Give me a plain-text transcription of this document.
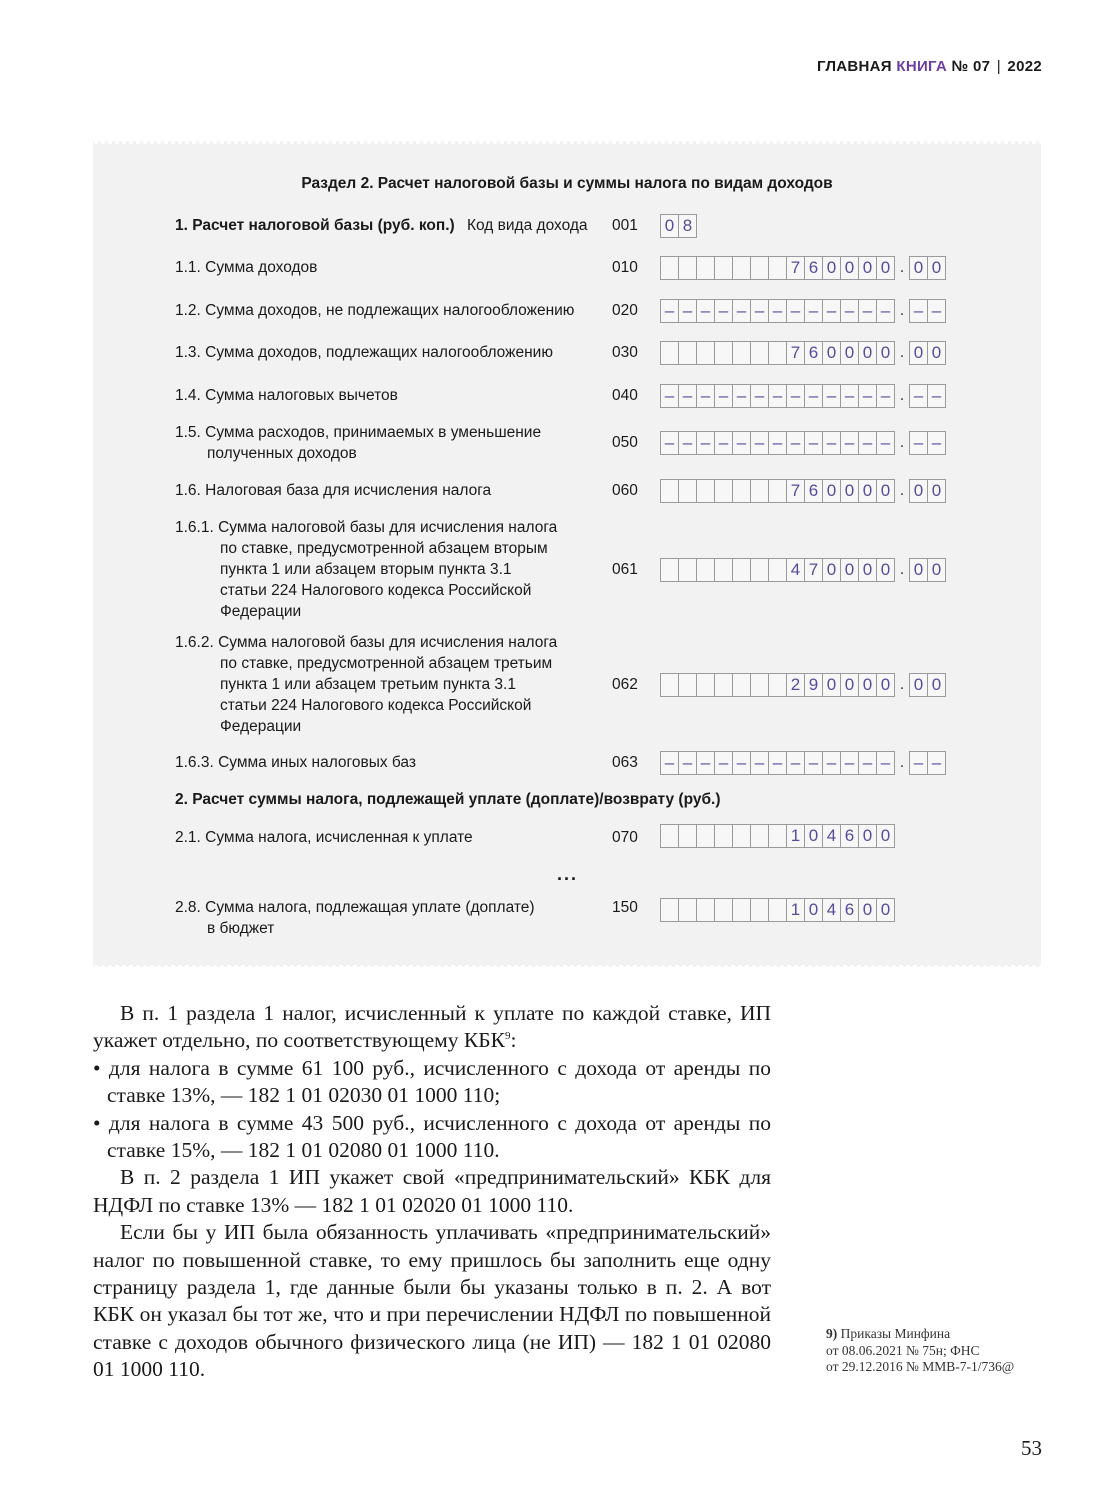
ГЛАВНАЯ КНИГА № 07 | 2022
Раздел 2. Расчет налоговой базы и суммы налога по видам доходов
1. Расчет налоговой базы (руб. коп.) Код вида дохода 001 0 8
1.1. Сумма доходов	010	7 6 0 0 0 0 . 0 0
1.2. Сумма доходов, не подлежащих налогообложению 020 – – – – – – – – – – – – – . – –
1.3. Сумма доходов, подлежащих налогообложению	030	7 6 0 0 0 0 . 0 0
1.4. Сумма налоговых вычетов	040 – – – – – – – – – – – – – . – –
1.5. Сумма расходов, принимаемых в уменьшение
полученных доходов
050 – – – – – – – – – – – – – . – –
1.6. Налоговая база для исчисления налога	060	7 6 0 0 0 0 . 0 0
1.6.1. Сумма налоговой базы для исчисления налога
по ставке, предусмотренной абзацем вторым
пункта 1 или абзацем вторым пункта 3.1
статьи 224 Налогового кодекса Российской
Федерации
061	4 7 0 0 0 0 . 0 0
1.6.2. Сумма налоговой базы для исчисления налога
по ставке, предусмотренной абзацем третьим
пункта 1 или абзацем третьим пункта 3.1
статьи 224 Налогового кодекса Российской
Федерации
062	2 9 0 0 0 0 . 0 0
1.6.3. Сумма иных налоговых баз	063 – – – – – – – – – – – – – . – –
2. Расчет суммы налога, подлежащей уплате (доплате)/возврату (руб.)
2.1. Сумма налога, исчисленная к уплате	070	1 0 4 6 0 0
...
2.8. Сумма налога, подлежащая уплате (доплате)
в бюджет
150	1 0 4 6 0 0

В п. 1 раздела 1 налог, исчисленный к уплате по каждой ставке, ИП укажет отдельно, по соответствующему КБК$^9$:

• для налога в сумме 61 100 руб., исчисленного с дохода от аренды по ставке 13%, — 182 1 01 02030 01 1000 110;

• для налога в сумме 43 500 руб., исчисленного с дохода от аренды по ставке 15%, — 182 1 01 02080 01 1000 110.

В п. 2 раздела 1 ИП укажет свой «предпринимательский» КБК для НДФЛ по ставке 13% — 182 1 01 02020 01 1000 110.

Если бы у ИП была обязанность уплачивать «предпринимательский» налог по повышенной ставке, то ему пришлось бы заполнить еще одну страницу раздела 1, где данные были бы указаны только в п. 2. А вот КБК он указал бы тот же, что и при перечислении НДФЛ по повышенной ставке с доходов обычного физического лица (не ИП) — 182 1 01 02080 01 1000 110.

9) Приказы Минфина
от 08.06.2021 № 75н; ФНС
от 29.12.2016 № ММВ-7-1/736@
53
